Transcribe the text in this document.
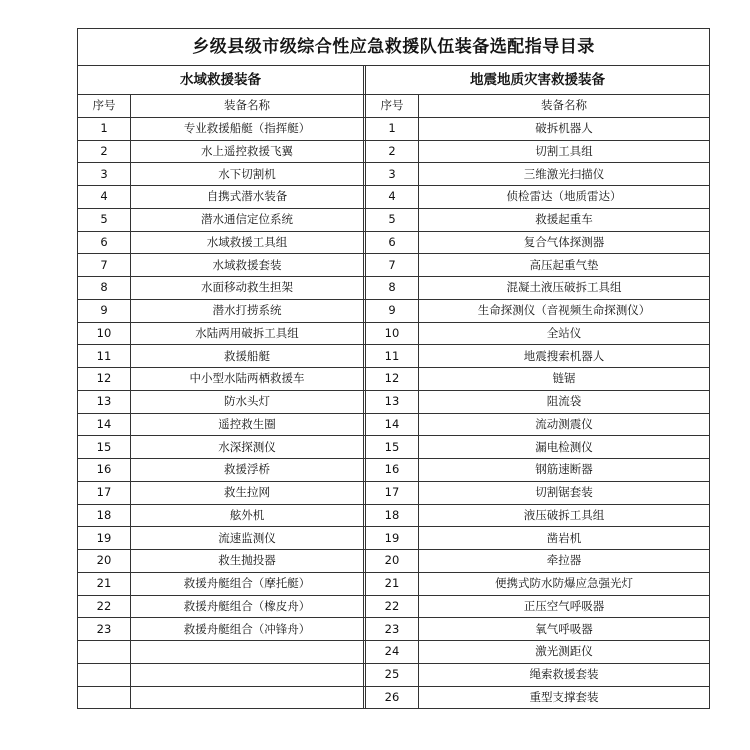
乡级县级市级综合性应急救援队伍装备选配指导目录				
水域救援装备			地震地质灾害救援装备	
序号	装备名称		序号	装备名称
1	专业救援船艇（指挥艇）		1	破拆机器人
2	水上遥控救援飞翼		2	切割工具组
3	水下切割机		3	三维激光扫描仪
4	自携式潜水装备		4	侦检雷达（地质雷达）
5	潜水通信定位系统		5	救援起重车
6	水域救援工具组		6	复合气体探测器
7	水域救援套装		7	高压起重气垫
8	水面移动救生担架		8	混凝土液压破拆工具组
9	潜水打捞系统		9	生命探测仪（音视频生命探测仪）
10	水陆两用破拆工具组		10	全站仪
11	救援船艇		11	地震搜索机器人
12	中小型水陆两栖救援车		12	链锯
13	防水头灯		13	阻流袋
14	遥控救生圈		14	流动测震仪
15	水深探测仪		15	漏电检测仪
16	救援浮桥		16	钢筋速断器
17	救生拉网		17	切割锯套装
18	舷外机		18	液压破拆工具组
19	流速监测仪		19	凿岩机
20	救生抛投器		20	牵拉器
21	救援舟艇组合（摩托艇）		21	便携式防水防爆应急强光灯
22	救援舟艇组合（橡皮舟）		22	正压空气呼吸器
23	救援舟艇组合（冲锋舟）		23	氧气呼吸器
			24	激光测距仪
			25	绳索救援套装
			26	重型支撑套装
